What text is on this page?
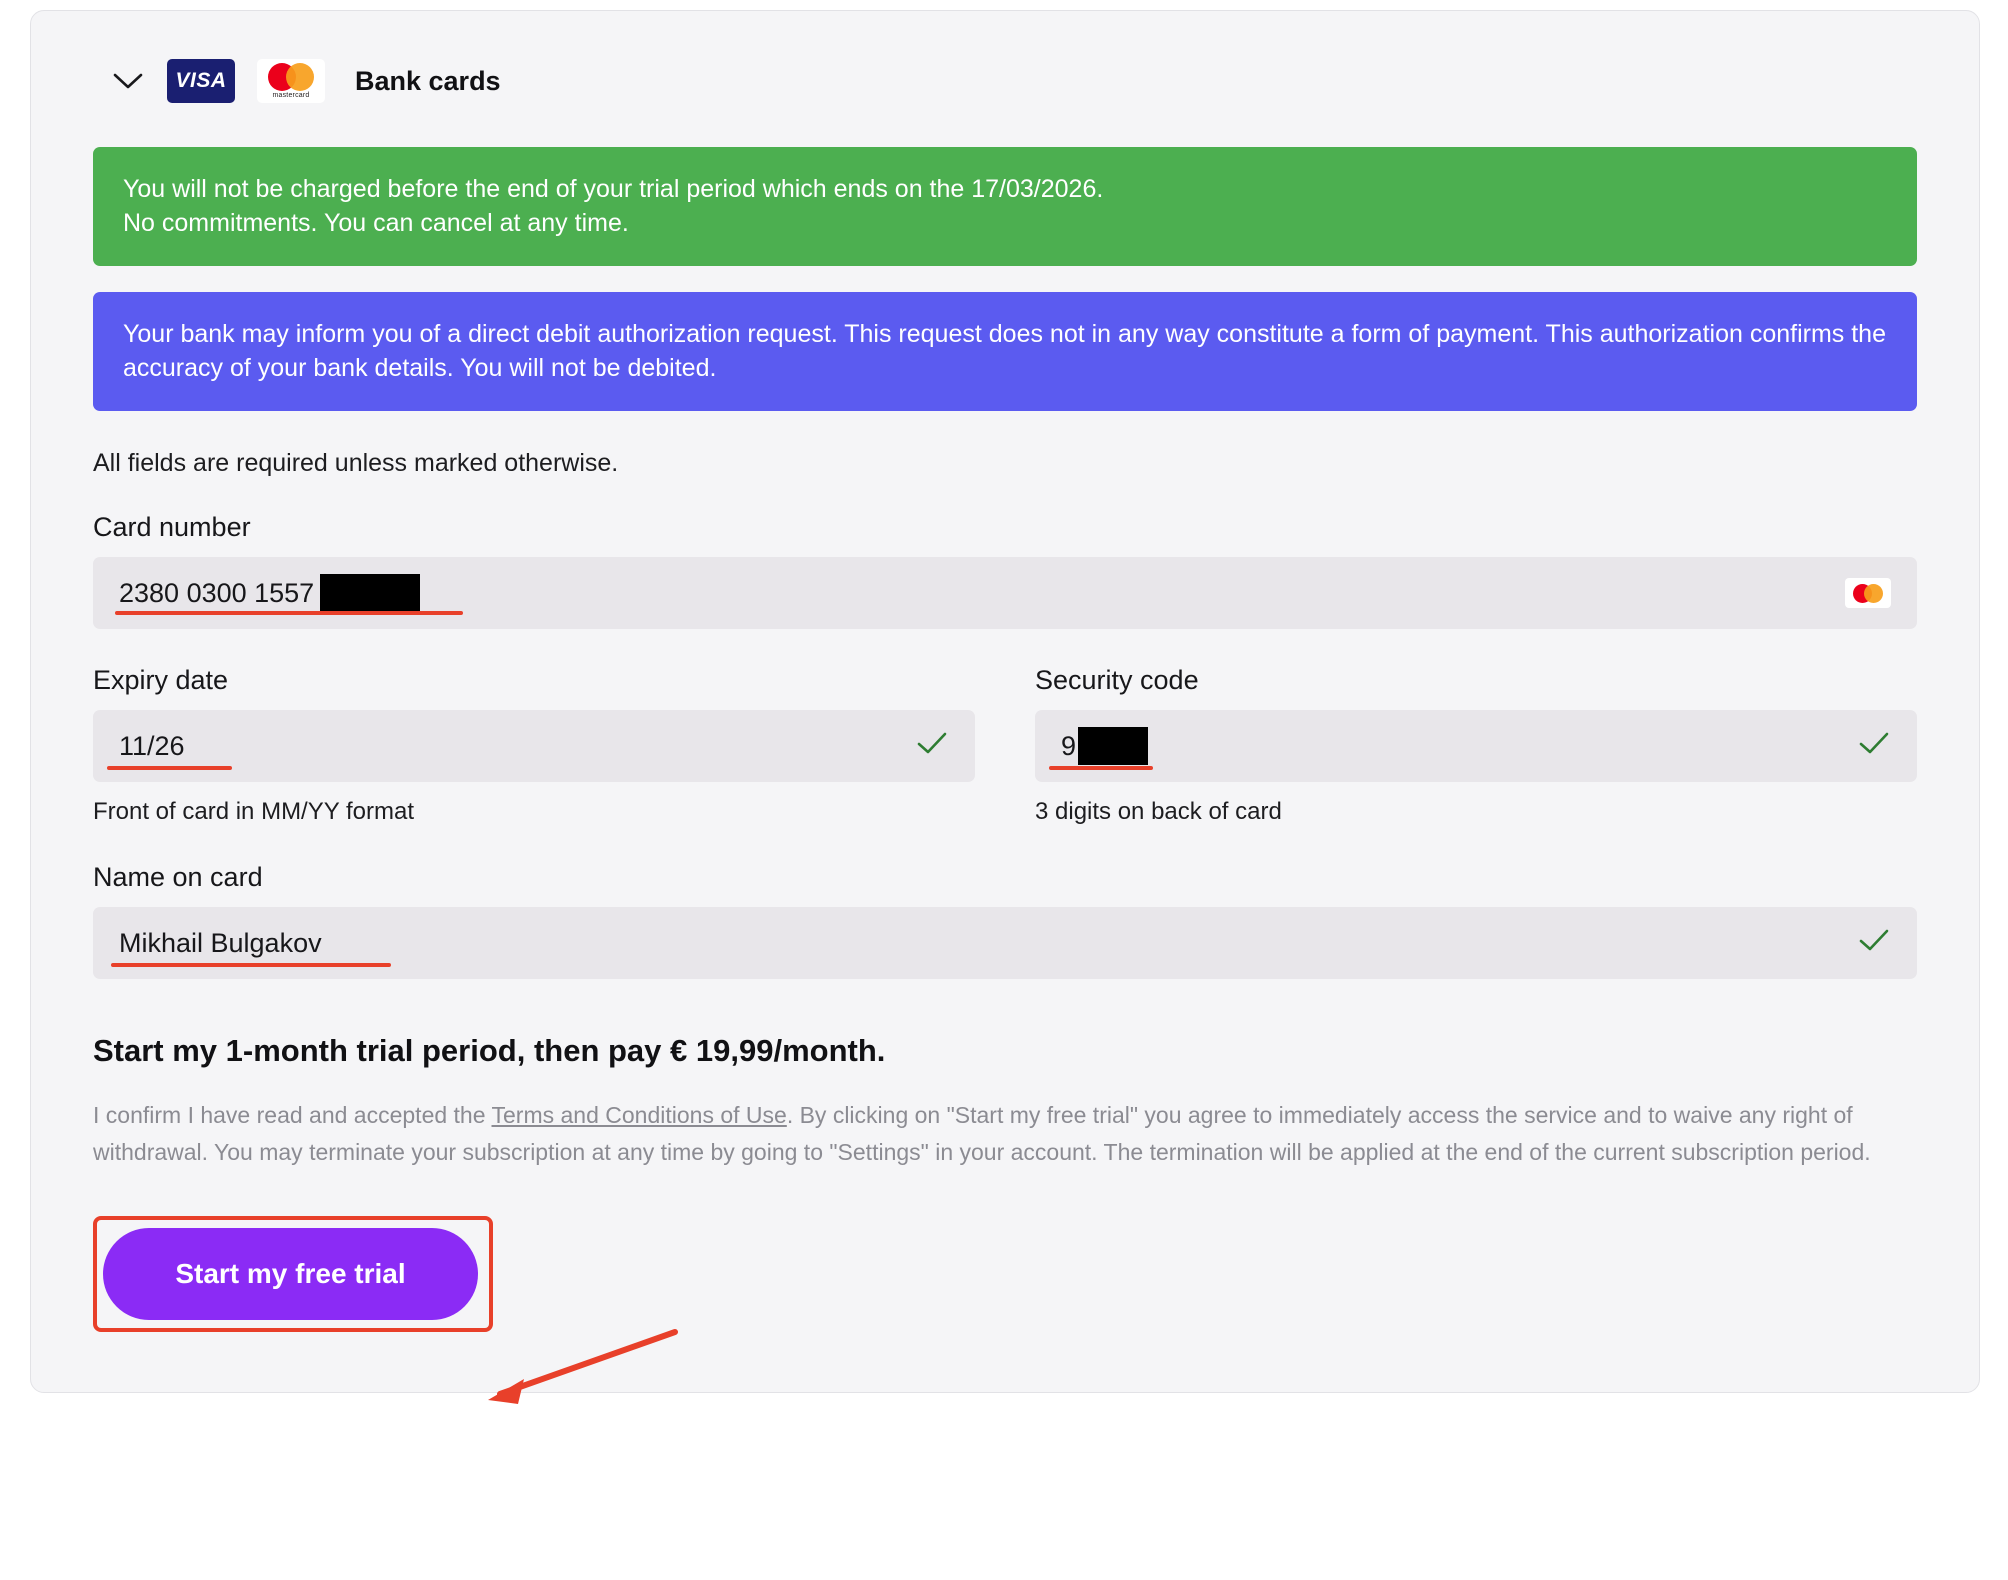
VISA
mastercard Bank cards

You will not be charged before the end of your trial period which ends on the 17/03/2026.

No commitments. You can cancel at any time.

Your bank may inform you of a direct debit authorization request. This request does not in any way constitute a form of payment. This authorization confirms the accuracy of your bank details. You will not be debited.

All fields are required unless marked otherwise.
Card number
2380 0300 1557
Expiry date
11/26
Front of card in MM/YY format
Security code
9
3 digits on back of card
Name on card
Mikhail Bulgakov
Start my 1-month trial period, then pay € 19,99/month.

I confirm I have read and accepted the Terms and Conditions of Use. By clicking on "Start my free trial" you agree to immediately access the service and to waive any right of withdrawal. You may terminate your subscription at any time by going to "Settings" in your account. The termination will be applied at the end of the current subscription period.

Start my free trial
